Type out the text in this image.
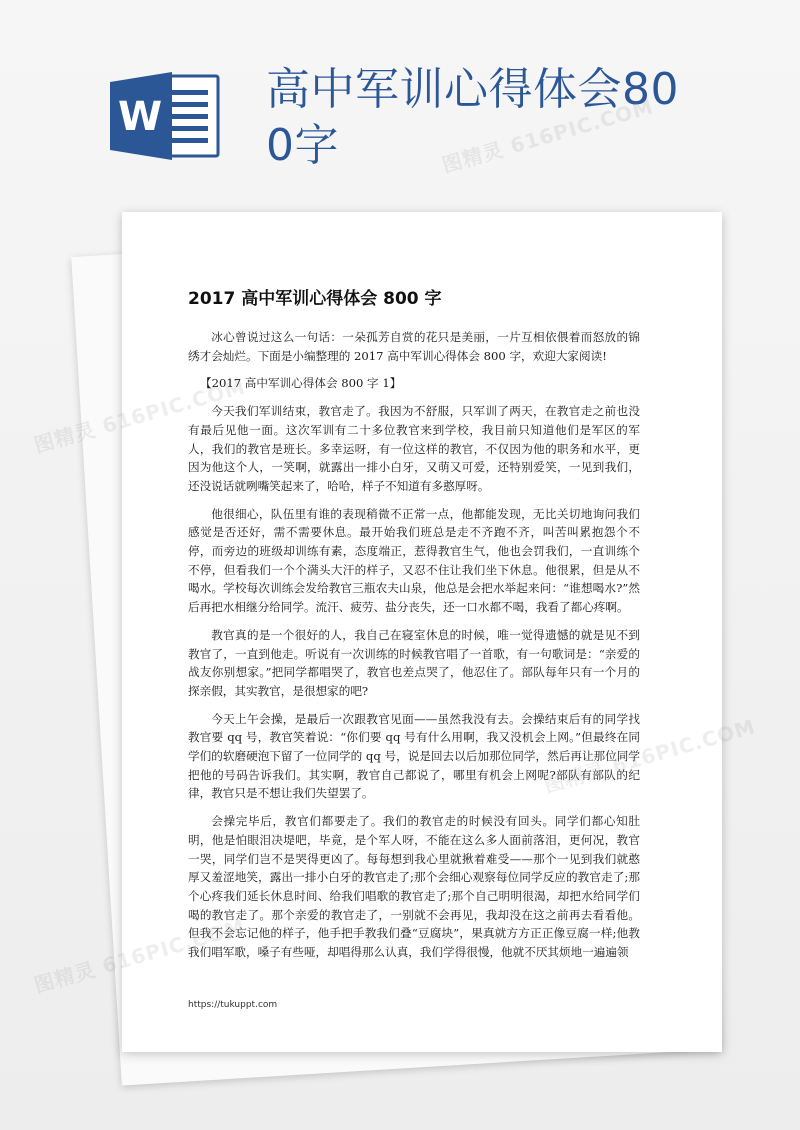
W
高中军训心得体会800字
2017 高中军训心得体会 800 字

冰心曾说过这么一句话：一朵孤芳自赏的花只是美丽，一片互相依偎着而怒放的锦绣才会灿烂。下面是小编整理的 2017 高中军训心得体会 800 字，欢迎大家阅读!

【2017 高中军训心得体会 800 字 1】

今天我们军训结束，教官走了。我因为不舒服，只军训了两天，在教官走之前也没有最后见他一面。这次军训有二十多位教官来到学校，我目前只知道他们是军区的军人，我们的教官是班长。多幸运呀，有一位这样的教官，不仅因为他的职务和水平，更因为他这个人，一笑啊，就露出一排小白牙，又萌又可爱，还特别爱笑，一见到我们，还没说话就咧嘴笑起来了，哈哈，样子不知道有多憨厚呀。

他很细心，队伍里有谁的表现稍微不正常一点，他都能发现，无比关切地询问我们感觉是否还好，需不需要休息。最开始我们班总是走不齐跑不齐，叫苦叫累抱怨个不停，而旁边的班级却训练有素，态度端正，惹得教官生气，他也会罚我们，一直训练个不停，但看我们一个个满头大汗的样子，又忍不住让我们坐下休息。他很累，但是从不喝水。学校每次训练会发给教官三瓶农夫山泉，他总是会把水举起来问：“谁想喝水?”然后再把水相继分给同学。流汗、疲劳、盐分丧失，还一口水都不喝，我看了都心疼啊。

教官真的是一个很好的人，我自己在寝室休息的时候，唯一觉得遗憾的就是见不到教官了，一直到他走。听说有一次训练的时候教官唱了一首歌，有一句歌词是：“亲爱的战友你别想家。”把同学都唱哭了，教官也差点哭了，他忍住了。部队每年只有一个月的探亲假，其实教官，是很想家的吧?

今天上午会操，是最后一次跟教官见面——虽然我没有去。会操结束后有的同学找教官要 qq 号，教官笑着说：“你们要 qq 号有什么用啊，我又没机会上网。”但最终在同学们的软磨硬泡下留了一位同学的 qq 号，说是回去以后加那位同学，然后再让那位同学把他的号码告诉我们。其实啊，教官自己都说了，哪里有机会上网呢?部队有部队的纪律，教官只是不想让我们失望罢了。

会操完毕后，教官们都要走了。我们的教官走的时候没有回头。同学们都心知肚明，他是怕眼泪决堤吧，毕竟，是个军人呀，不能在这么多人面前落泪，更何况，教官一哭，同学们岂不是哭得更凶了。每每想到我心里就揪着难受——那个一见到我们就憨厚又羞涩地笑，露出一排小白牙的教官走了;那个会细心观察每位同学反应的教官走了;那个心疼我们延长休息时间、给我们唱歌的教官走了;那个自己明明很渴，却把水给同学们喝的教官走了。那个亲爱的教官走了，一别就不会再见，我却没在这之前再去看看他。但我不会忘记他的样子，他手把手教我们叠“豆腐块”，果真就方方正正像豆腐一样;他教我们唱军歌，嗓子有些哑，却唱得那么认真，我们学得很慢，他就不厌其烦地一遍遍领

https://tukuppt.com
